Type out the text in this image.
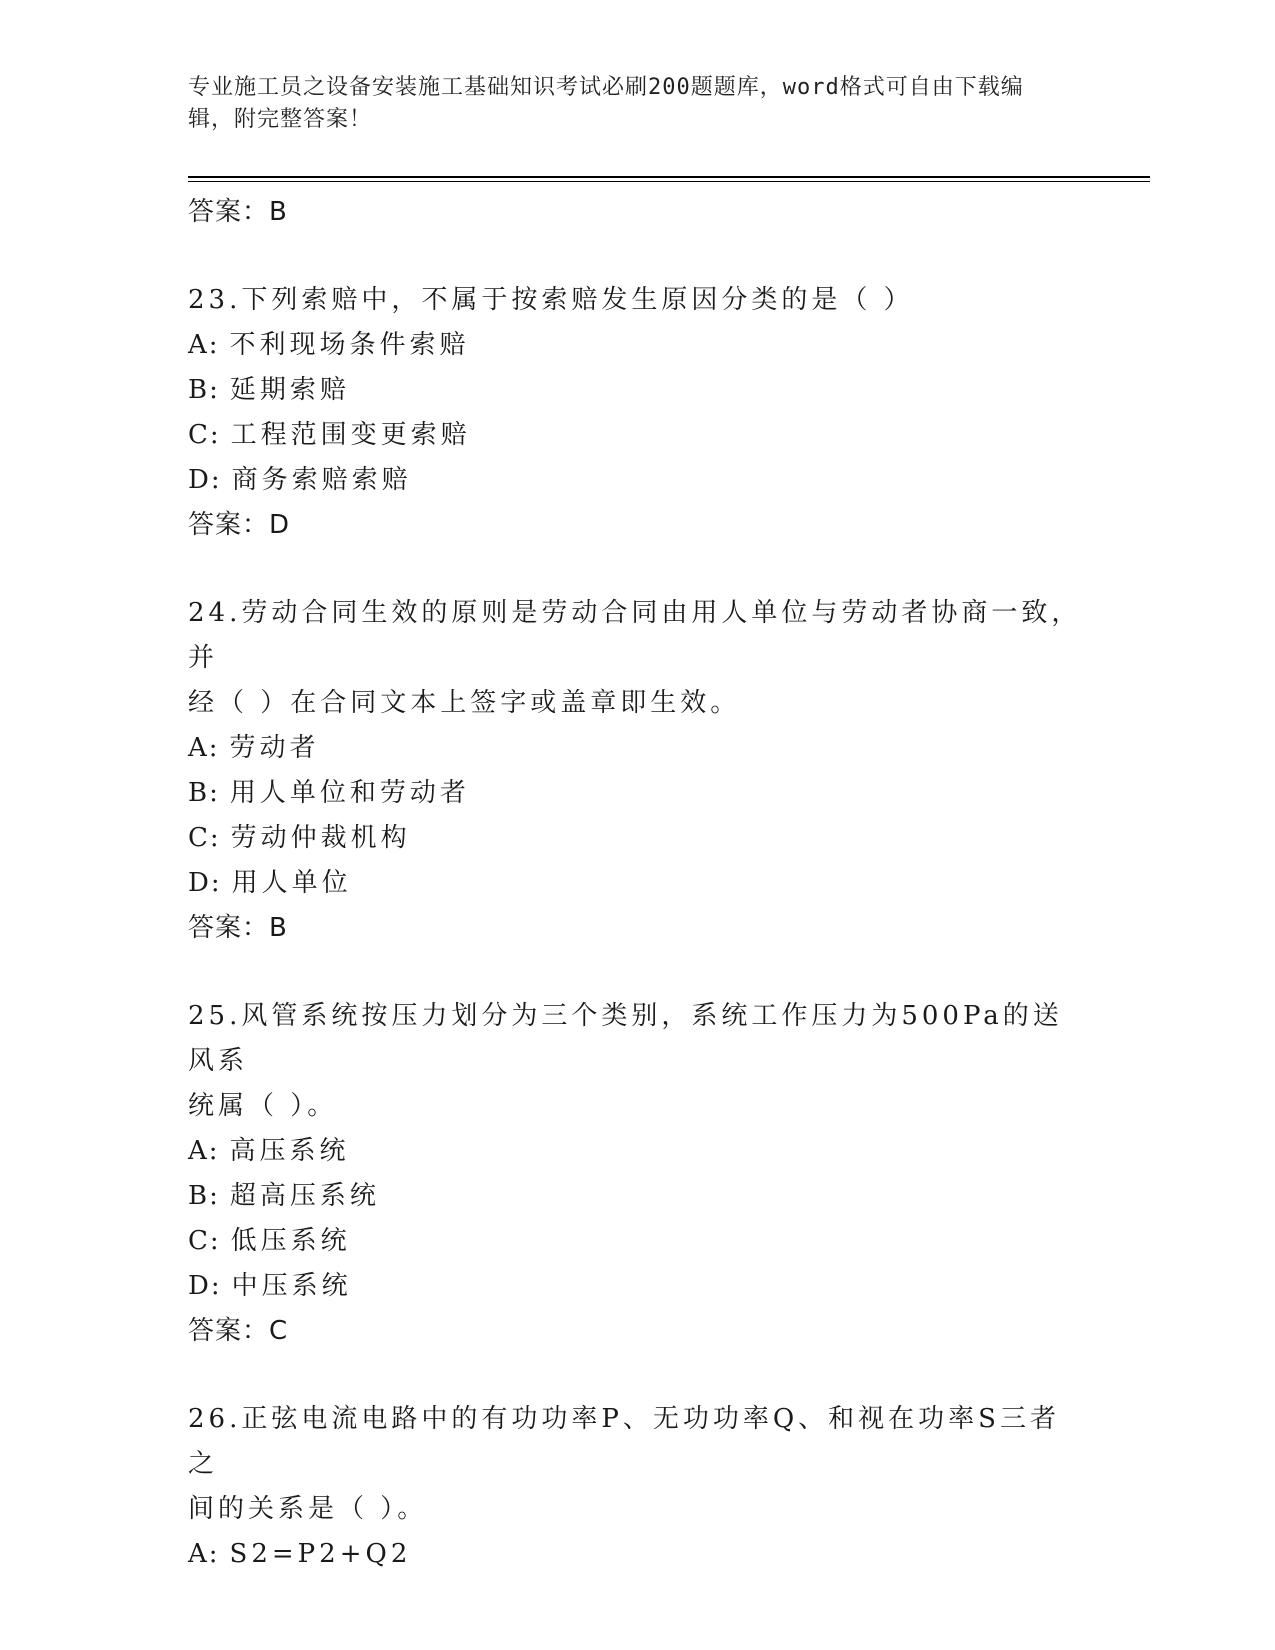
专业施工员之设备安装施工基础知识考试必刷200题题库，word格式可自由下载编辑，附完整答案！

答案：B

23.下列索赔中，不属于按索赔发生原因分类的是（ ）

A: 不利现场条件索赔

B: 延期索赔

C: 工程范围变更索赔

D: 商务索赔索赔

答案：D

24.劳动合同生效的原则是劳动合同由用人单位与劳动者协商一致，并

经（ ）在合同文本上签字或盖章即生效。

A: 劳动者

B: 用人单位和劳动者

C: 劳动仲裁机构

D: 用人单位

答案：B

25.风管系统按压力划分为三个类别，系统工作压力为500Pa的送风系

统属（ ）。

A: 高压系统

B: 超高压系统

C: 低压系统

D: 中压系统

答案：C

26.正弦电流电路中的有功功率P、无功功率Q、和视在功率S三者之

间的关系是（ ）。

A: S2=P2+Q2
